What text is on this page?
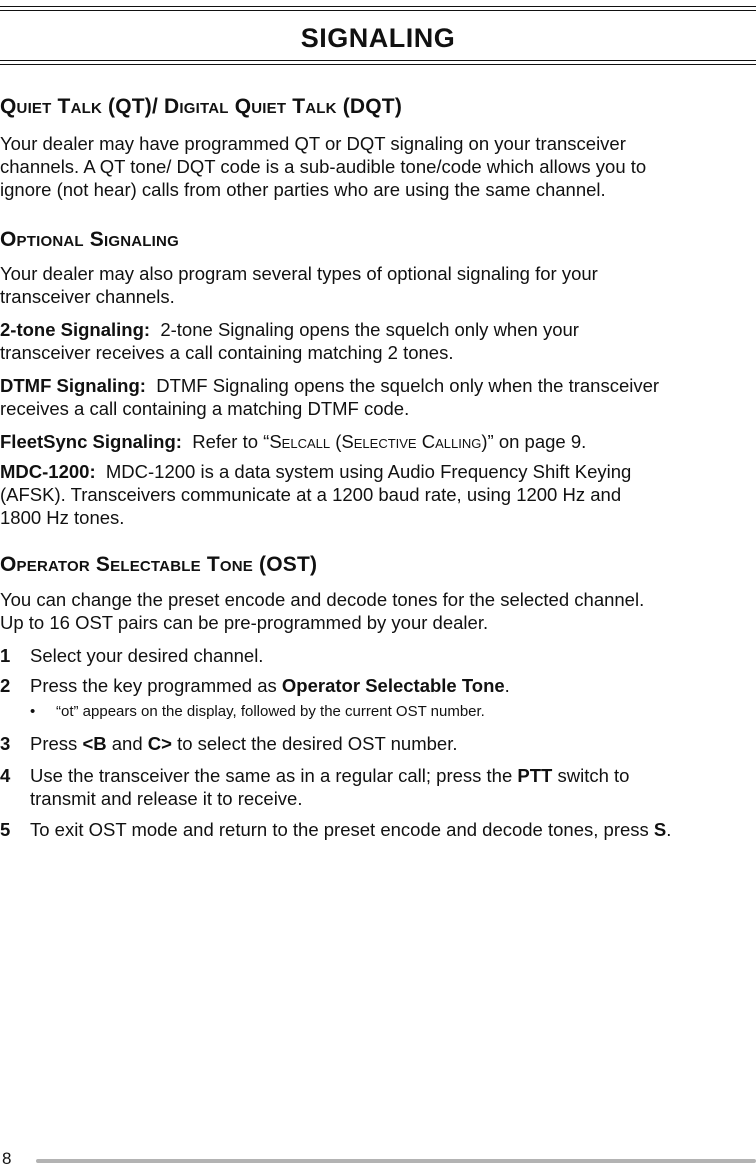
SIGNALING
Quiet Talk (QT)/ Digital Quiet Talk (DQT)

Your dealer may have programmed QT or DQT signaling on your transceiver

channels. A QT tone/ DQT code is a sub-audible tone/code which allows you to

ignore (not hear) calls from other parties who are using the same channel.

Optional Signaling

Your dealer may also program several types of optional signaling for your

transceiver channels.

2-tone Signaling:  2-tone Signaling opens the squelch only when your

transceiver receives a call containing matching 2 tones.

DTMF Signaling:  DTMF Signaling opens the squelch only when the transceiver

receives a call containing a matching DTMF code.

FleetSync Signaling:  Refer to “Selcall (Selective Calling)” on page 9.

MDC-1200:  MDC-1200 is a data system using Audio Frequency Shift Keying

(AFSK). Transceivers communicate at a 1200 baud rate, using 1200 Hz and

1800 Hz tones.

Operator Selectable Tone (OST)

You can change the preset encode and decode tones for the selected channel.

Up to 16 OST pairs can be pre-programmed by your dealer.

1 Select your desired channel.
2 Press the key programmed as Operator Selectable Tone.
• “ot” appears on the display, followed by the current OST number.
3 Press <B and C> to select the desired OST number.
4 Use the transceiver the same as in a regular call; press the PTT switch to
transmit and release it to receive.
5 To exit OST mode and return to the preset encode and decode tones, press S.
8
